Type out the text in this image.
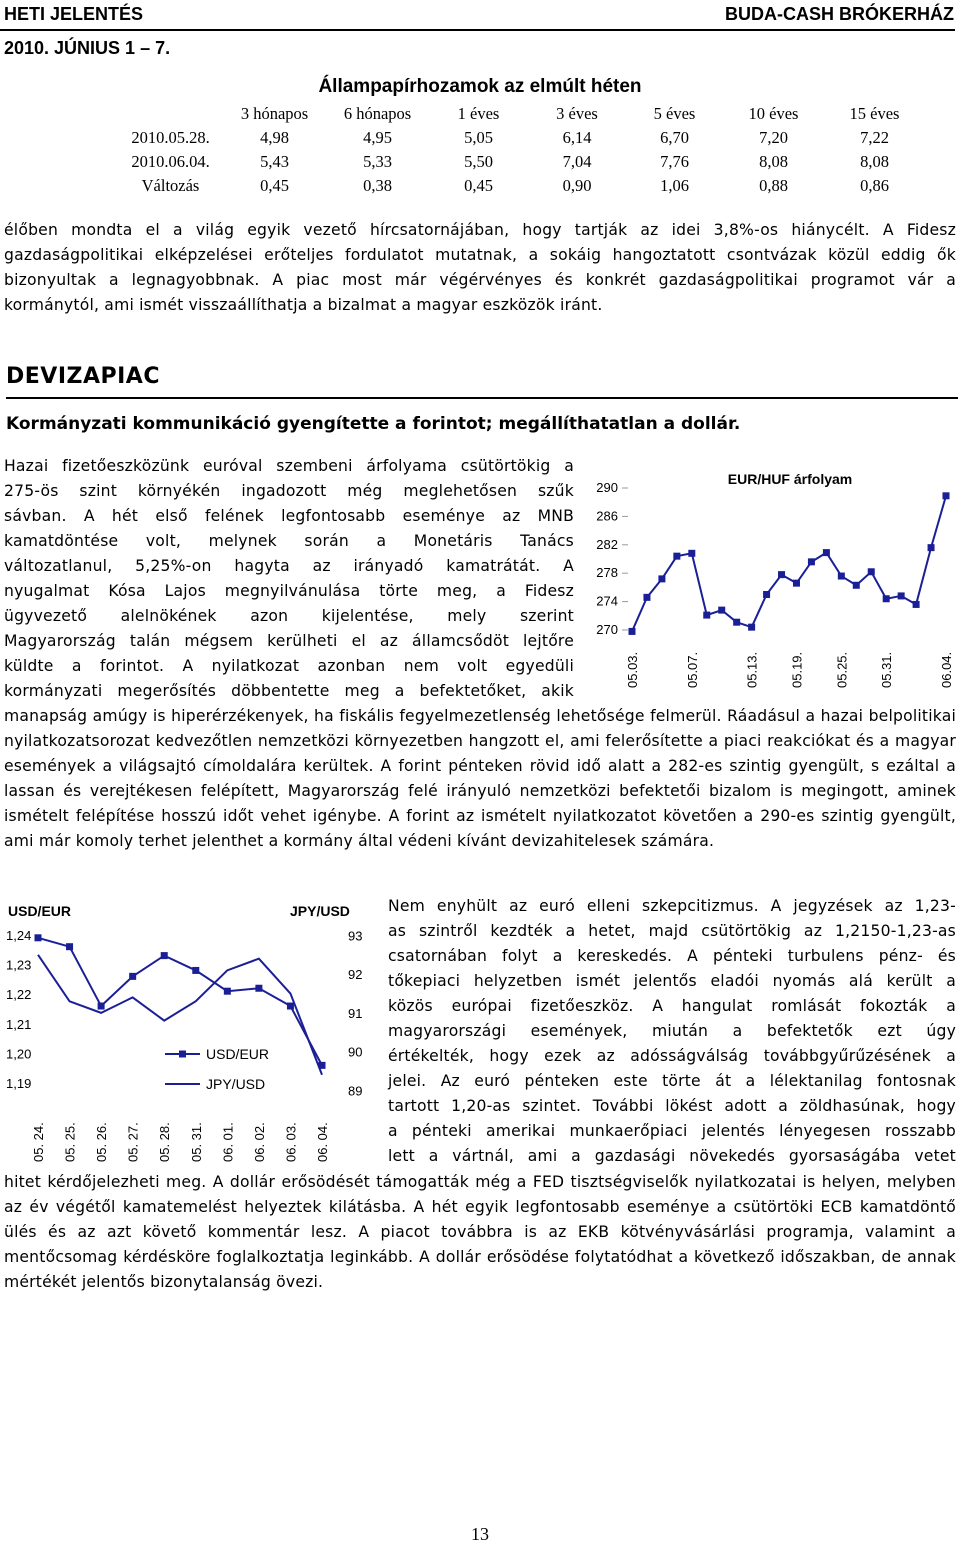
HETI JELENTÉS
2010. JÚNIUS 1 – 7.
BUDA-CASH BRÓKERHÁZ
Állampapírhozamok az elmúlt héten
	3 hónapos	6 hónapos	1 éves	3 éves	5 éves	10 éves	15 éves
2010.05.28.	4,98	4,95	5,05	6,14	6,70	7,20	7,22
2010.06.04.	5,43	5,33	5,50	7,04	7,76	8,08	8,08
Változás	0,45	0,38	0,45	0,90	1,06	0,88	0,86

élőben mondta el a világ egyik vezető hírcsatornájában, hogy tartják az idei 3,8%-os hiánycélt. A Fidesz gazdaságpolitikai elképzelései erőteljes fordulatot mutatnak, a sokáig hangoztatott csontvázak közül eddig ők bizonyultak a legnagyobbnak. A piac most már végérvényes és konkrét gazdaságpolitikai programot vár a kormánytól, ami ismét visszaállíthatja a bizalmat a magyar eszközök iránt.

DEVIZAPIAC
Kormányzati kommunikáció gyengítette a forintot; megállíthatatlan a dollár.

Hazai fizetőeszközünk euróval szembeni árfolyama csütörtökig a

275-ös szint környékén ingadozott még meglehetősen szűk

sávban. A hét első felének legfontosabb eseménye az MNB

kamatdöntése volt, melynek során a Monetáris Tanács

változatlanul, 5,25%-on hagyta az irányadó kamatrátát. A

nyugalmat Kósa Lajos megnyilvánulása törte meg, a Fidesz

ügyvezető alelnökének azon kijelentése, mely szerint

Magyarország talán mégsem kerülheti el az államcsődöt lejtőre

küldte a forintot. A nyilatkozat azonban nem volt egyedüli

kormányzati megerősítés döbbentette meg a befektetőket, akik

manapság amúgy is hiperérzékenyek, ha fiskális fegyelmezetlenség lehetősége felmerül. Ráadásul a hazai belpolitikai nyilatkozatsorozat kedvezőtlen nemzetközi környezetben hangzott el, ami felerősítette a piaci reakciókat és a magyar események a világsajtó címoldalára kerültek. A forint pénteken rövid idő alatt a 282-es szintig gyengült, s ezáltal a lassan és verejtékesen felépített, Magyarország felé irányuló nemzetközi befektetői bizalom is megingott, aminek ismételt felépítése hosszú időt vehet igénybe. A forint az ismételt nyilatkozatot követően a 290-es szintig gyengült, ami már komoly terhet jelenthet a kormány által védeni kívánt devizahitelesek számára.

EUR/HUF árfolyam
270
274
278
282
286
290
05.03.	05.07.	05.13. 05.19. 05.25. 05.31.	06.04.
USD/EUR	JPY/USD
1,19
1,20
1,21
1,22
1,23
1,24
89
90
91
92
93
USD/EUR
JPY/USD
05. 24. 05. 25. 05. 26. 05. 27. 05. 28. 05. 31. 06. 01. 06. 02. 06. 03. 06. 04.

Nem enyhült az euró elleni szkepcitizmus. A jegyzések az 1,23-

as szintről kezdték a hetet, majd csütörtökig az 1,2150-1,23-as

csatornában folyt a kereskedés. A pénteki turbulens pénz- és

tőkepiaci helyzetben ismét jelentős eladói nyomás alá került a

közös európai fizetőeszköz. A hangulat romlását fokozták a

magyarországi események, miután a befektetők ezt úgy

értékelték, hogy ezek az adósságválság továbbgyűrűzésének a

jelei. Az euró pénteken este törte át a lélektanilag fontosnak

tartott 1,20-as szintet. További lökést adott a zöldhasúnak, hogy

a pénteki amerikai munkaerőpiaci jelentés lényegesen rosszabb

lett a vártnál, ami a gazdasági növekedés gyorsaságába vetet

hitet kérdőjelezheti meg. A dollár erősödését támogatták még a FED tisztségviselők nyilatkozatai is helyen, melyben az év végétől kamatemelést helyeztek kilátásba. A hét egyik legfontosabb eseménye a csütörtöki ECB kamatdöntő ülés és az azt követő kommentár lesz. A piacot továbbra is az EKB kötvényvásárlási programja, valamint a mentőcsomag kérdésköre foglalkoztatja leginkább. A dollár erősödése folytatódhat a következő időszakban, de annak mértékét jelentős bizonytalanság övezi.

13
